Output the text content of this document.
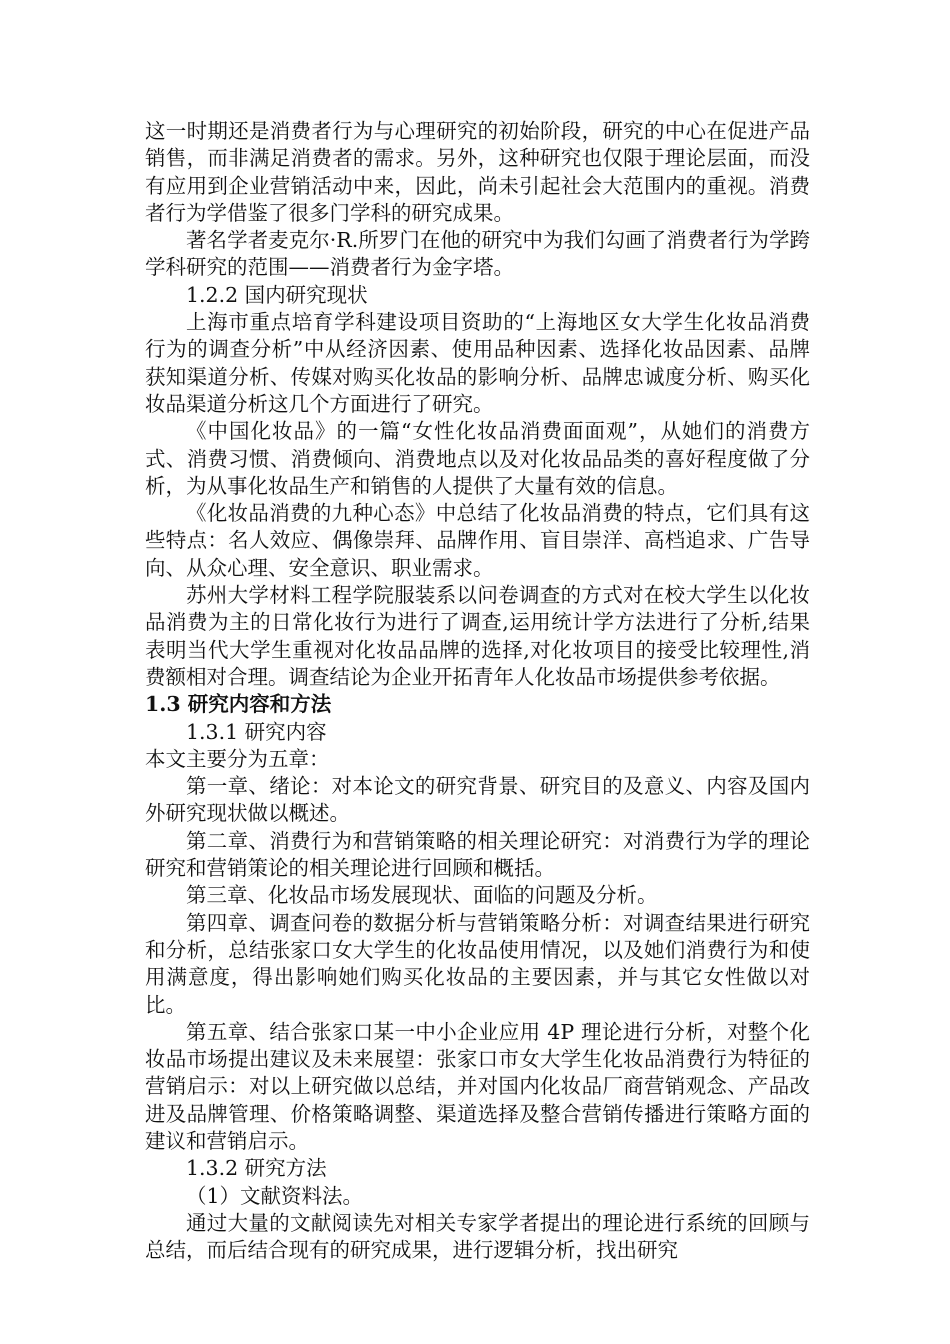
这一时期还是消费者行为与心理研究的初始阶段，研究的中心在促进产品销售，而非满足消费者的需求。另外，这种研究也仅限于理论层面，而没有应用到企业营销活动中来，因此，尚未引起社会大范围内的重视。消费者行为学借鉴了很多门学科的研究成果。

著名学者麦克尔·R.所罗门在他的研究中为我们勾画了消费者行为学跨学科研究的范围——消费者行为金字塔。

1.2.2 国内研究现状

上海市重点培育学科建设项目资助的“上海地区女大学生化妆品消费行为的调查分析”中从经济因素、使用品种因素、选择化妆品因素、品牌获知渠道分析、传媒对购买化妆品的影响分析、品牌忠诚度分析、购买化妆品渠道分析这几个方面进行了研究。

《中国化妆品》的一篇“女性化妆品消费面面观”，从她们的消费方式、消费习惯、消费倾向、消费地点以及对化妆品品类的喜好程度做了分析，为从事化妆品生产和销售的人提供了大量有效的信息。

《化妆品消费的九种心态》中总结了化妆品消费的特点，它们具有这些特点：名人效应、偶像崇拜、品牌作用、盲目崇洋、高档追求、广告导向、从众心理、安全意识、职业需求。

苏州大学材料工程学院服装系以问卷调查的方式对在校大学生以化妆品消费为主的日常化妆行为进行了调查,运用统计学方法进行了分析,结果表明当代大学生重视对化妆品品牌的选择,对化妆项目的接受比较理性,消费额相对合理。调查结论为企业开拓青年人化妆品市场提供参考依据。

1.3 研究内容和方法

1.3.1 研究内容

本文主要分为五章：

第一章、绪论：对本论文的研究背景、研究目的及意义、内容及国内外研究现状做以概述。

第二章、消费行为和营销策略的相关理论研究：对消费行为学的理论研究和营销策论的相关理论进行回顾和概括。

第三章、化妆品市场发展现状、面临的问题及分析。

第四章、调查问卷的数据分析与营销策略分析：对调查结果进行研究和分析，总结张家口女大学生的化妆品使用情况，以及她们消费行为和使用满意度，得出影响她们购买化妆品的主要因素，并与其它女性做以对比。

第五章、结合张家口某一中小企业应用 4P 理论进行分析，对整个化妆品市场提出建议及未来展望：张家口市女大学生化妆品消费行为特征的营销启示：对以上研究做以总结，并对国内化妆品厂商营销观念、产品改进及品牌管理、价格策略调整、渠道选择及整合营销传播进行策略方面的建议和营销启示。

1.3.2 研究方法

（1）文献资料法。

通过大量的文献阅读先对相关专家学者提出的理论进行系统的回顾与总结，而后结合现有的研究成果，进行逻辑分析，找出研究
